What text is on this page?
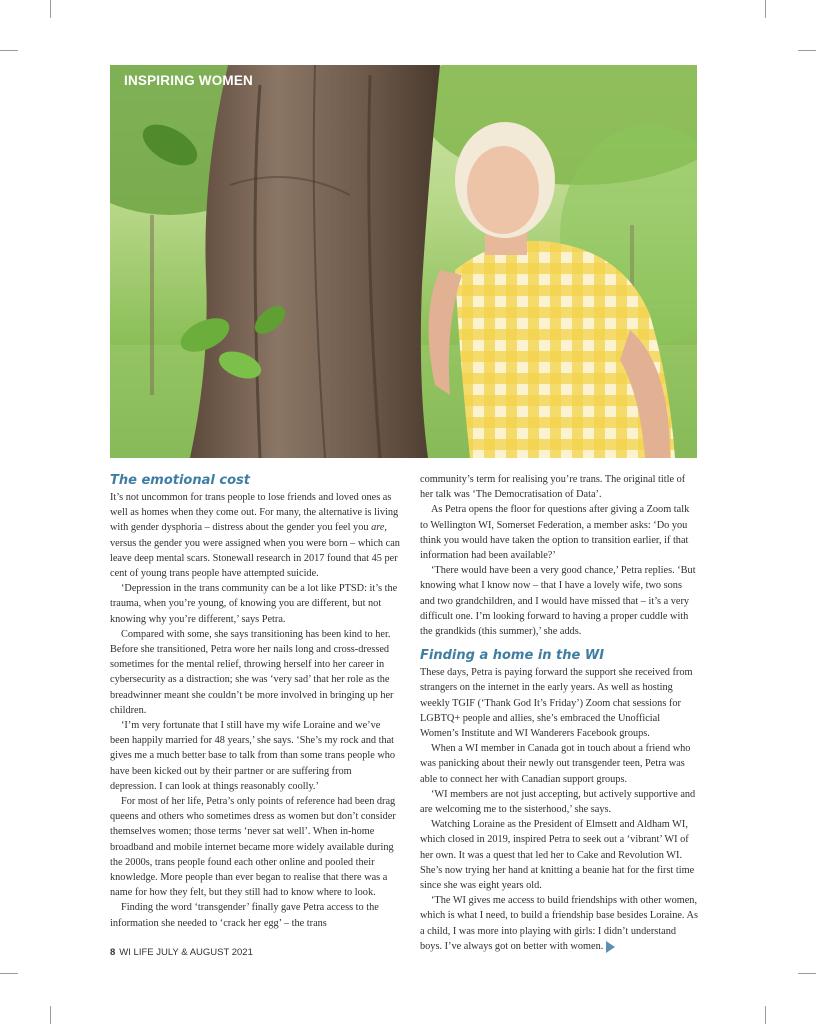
INSPIRING WOMEN
The emotional cost

It’s not uncommon for trans people to lose friends and loved ones as well as homes when they come out. For many, the alternative is living with gender dysphoria – distress about the gender you feel you are, versus the gender you were assigned when you were born – which can leave deep mental scars. Stonewall research in 2017 found that 45 per cent of young trans people have attempted suicide.

‘Depression in the trans community can be a lot like PTSD: it’s the trauma, when you’re young, of knowing you are different, but not knowing why you’re different,’ says Petra.

Compared with some, she says transitioning has been kind to her. Before she transitioned, Petra wore her nails long and cross-dressed sometimes for the mental relief, throwing herself into her career in cybersecurity as a distraction; she was ‘very sad’ that her role as the breadwinner meant she couldn’t be more involved in bringing up her children.

‘I’m very fortunate that I still have my wife Loraine and we’ve been happily married for 48 years,’ she says. ‘She’s my rock and that gives me a much better base to talk from than some trans people who have been kicked out by their partner or are suffering from depression. I can look at things reasonably coolly.’

For most of her life, Petra’s only points of reference had been drag queens and others who sometimes dress as women but don’t consider themselves women; those terms ‘never sat well’. When in-home broadband and mobile internet became more widely available during the 2000s, trans people found each other online and pooled their knowledge. More people than ever began to realise that there was a name for how they felt, but they still had to know where to look.

Finding the word ‘transgender’ finally gave Petra access to the information she needed to ‘crack her egg’ – the trans

community’s term for realising you’re trans. The original title of her talk was ‘The Democratisation of Data’.

As Petra opens the floor for questions after giving a Zoom talk to Wellington WI, Somerset Federation, a member asks: ‘Do you think you would have taken the option to transition earlier, if that information had been available?’

‘There would have been a very good chance,’ Petra replies. ‘But knowing what I know now – that I have a lovely wife, two sons and two grandchildren, and I would have missed that – it’s a very difficult one. I’m looking forward to having a proper cuddle with the grandkids (this summer),’ she adds.

Finding a home in the WI

These days, Petra is paying forward the support she received from strangers on the internet in the early years. As well as hosting weekly TGIF (‘Thank God It’s Friday’) Zoom chat sessions for LGBTQ+ people and allies, she’s embraced the Unofficial Women’s Institute and WI Wanderers Facebook groups.

When a WI member in Canada got in touch about a friend who was panicking about their newly out transgender teen, Petra was able to connect her with Canadian support groups.

‘WI members are not just accepting, but actively supportive and are welcoming me to the sisterhood,’ she says.

Watching Loraine as the President of Elmsett and Aldham WI, which closed in 2019, inspired Petra to seek out a ‘vibrant’ WI of her own. It was a quest that led her to Cake and Revolution WI. She’s now trying her hand at knitting a beanie hat for the first time since she was eight years old.

‘The WI gives me access to build friendships with other women, which is what I need, to build a friendship base besides Loraine. As a child, I was more into playing with girls: I didn’t understand boys. I’ve always got on better with women.

8 WI LIFE JULY & AUGUST 2021
